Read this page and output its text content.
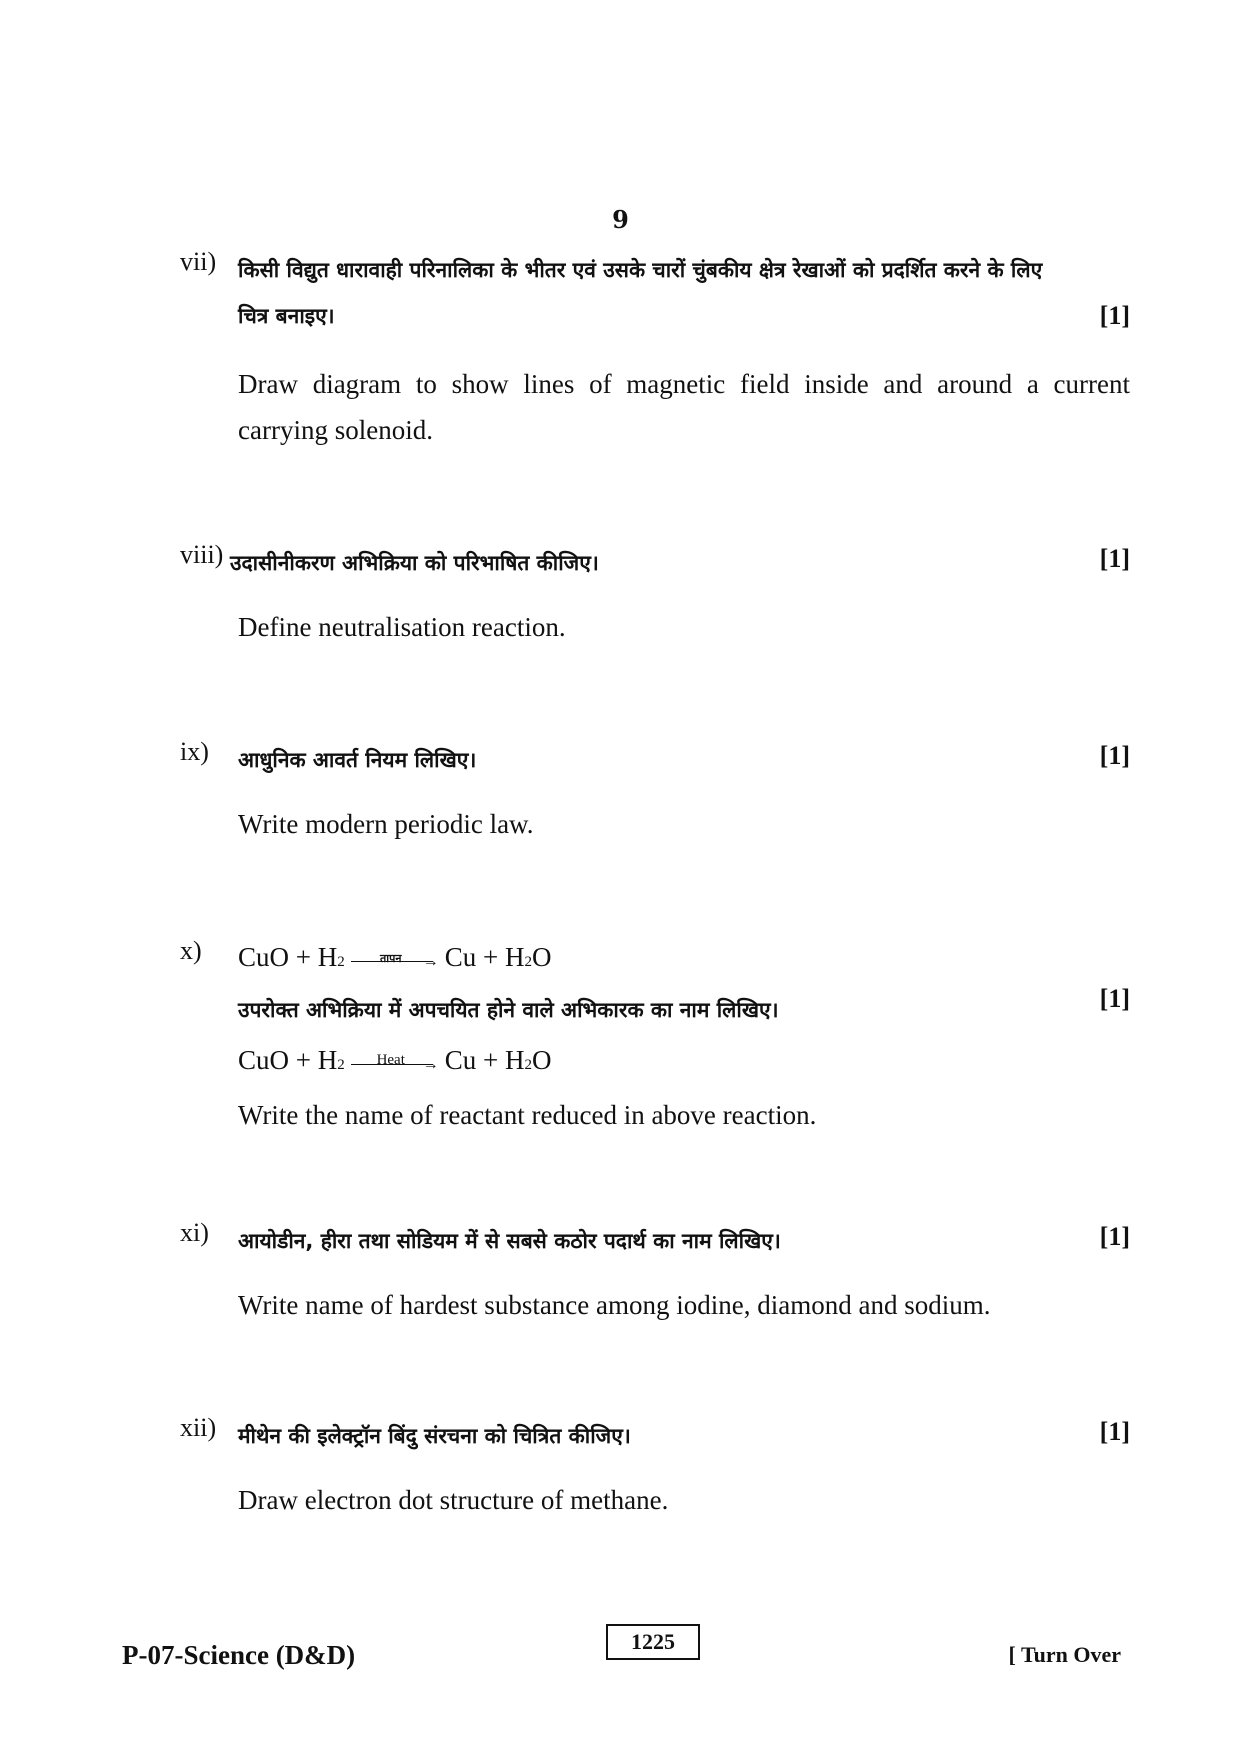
9
vii) किसी विद्युत धारावाही परिनालिका के भीतर एवं उसके चारों चुंबकीय क्षेत्र रेखाओं को प्रदर्शित करने के लिए चित्र बनाइए।	[1]
Draw diagram to show lines of magnetic field inside and around a current carrying solenoid.
viii) उदासीनीकरण अभिक्रिया को परिभाषित कीजिए।	[1]
Define neutralisation reaction.
ix) आधुनिक आवर्त नियम लिखिए।	[1]
Write modern periodic law.
x) CuO + H 2	तापन	→ Cu + H 2 O
उपरोक्त अभिक्रिया में अपचयित होने वाले अभिकारक का नाम लिखिए।	[1]
CuO + H 2	Heat	→ Cu + H 2 O
Write the name of reactant reduced in above reaction.
xi) आयोडीन, हीरा तथा सोडियम में से सबसे कठोर पदार्थ का नाम लिखिए।	[1]
Write name of hardest substance among iodine, diamond and sodium.
xii) मीथेन की इलेक्ट्रॉन बिंदु संरचना को चित्रित कीजिए।	[1]
Draw electron dot structure of methane.
P-07-Science (D&D)	1225
[ Turn Over
